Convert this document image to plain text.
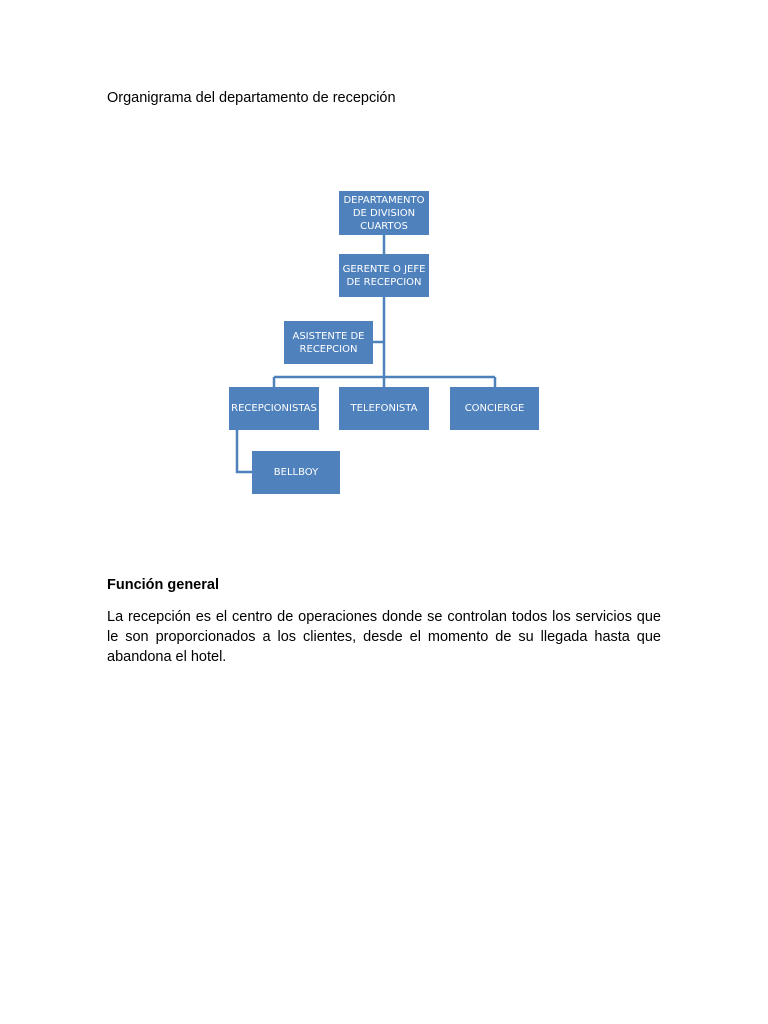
Organigrama del departamento de recepción

DEPARTAMENTO
DE DIVISION
CUARTOS
GERENTE O JEFE
DE RECEPCION
ASISTENTE DE
RECEPCION
RECEPCIONISTAS	TELEFONISTA	CONCIERGE
BELLBOY

Función general

La recepción es el centro de operaciones donde se controlan todos los servicios que le son proporcionados a los clientes, desde el momento de su llegada hasta que abandona el hotel.
